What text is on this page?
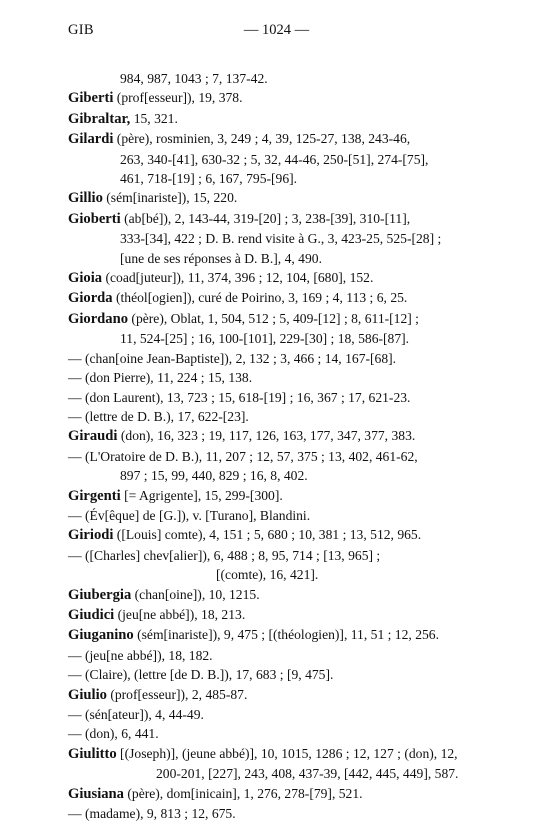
GIB	— 1024 —
984, 987, 1043 ; 7, 137-42.
Giberti (prof[esseur]), 19, 378.
Gibraltar, 15, 321.
Gilardi (père), rosminien, 3, 249 ; 4, 39, 125-27, 138, 243-46,
263, 340-[41], 630-32 ; 5, 32, 44-46, 250-[51], 274-[75],
461, 718-[19] ; 6, 167, 795-[96].
Gillio (sém[inariste]), 15, 220.
Gioberti (ab[bé]), 2, 143-44, 319-[20] ; 3, 238-[39], 310-[11],
333-[34], 422 ; D. B. rend visite à G., 3, 423-25, 525-[28] ;
[une de ses réponses à D. B.], 4, 490.
Gioia (coad[juteur]), 11, 374, 396 ; 12, 104, [680], 152.
Giorda (théol[ogien]), curé de Poirino, 3, 169 ; 4, 113 ; 6, 25.
Giordano (père), Oblat, 1, 504, 512 ; 5, 409-[12] ; 8, 611-[12] ;
11, 524-[25] ; 16, 100-[101], 229-[30] ; 18, 586-[87].
— (chan[oine Jean-Baptiste]), 2, 132 ; 3, 466 ; 14, 167-[68].
— (don Pierre), 11, 224 ; 15, 138.
— (don Laurent), 13, 723 ; 15, 618-[19] ; 16, 367 ; 17, 621-23.
— (lettre de D. B.), 17, 622-[23].
Giraudi (don), 16, 323 ; 19, 117, 126, 163, 177, 347, 377, 383.
— (L'Oratoire de D. B.), 11, 207 ; 12, 57, 375 ; 13, 402, 461-62,
897 ; 15, 99, 440, 829 ; 16, 8, 402.
Girgenti [= Agrigente], 15, 299-[300].
— (Év[êque] de [G.]), v. [Turano], Blandini.
Giriodi ([Louis] comte), 4, 151 ; 5, 680 ; 10, 381 ; 13, 512, 965.
— ([Charles] chev[alier]), 6, 488 ; 8, 95, 714 ; [13, 965] ;
[(comte), 16, 421].
Giubergia (chan[oine]), 10, 1215.
Giudici (jeu[ne abbé]), 18, 213.
Giuganino (sém[inariste]), 9, 475 ; [(théologien)], 11, 51 ; 12, 256.
— (jeu[ne abbé]), 18, 182.
— (Claire), (lettre [de D. B.]), 17, 683 ; [9, 475].
Giulio (prof[esseur]), 2, 485-87.
— (sén[ateur]), 4, 44-49.
— (don), 6, 441.
Giulitto [(Joseph)], (jeune abbé)], 10, 1015, 1286 ; 12, 127 ; (don), 12,
200-201, [227], 243, 408, 437-39, [442, 445, 449], 587.
Giusiana (père), dom[inicain], 1, 276, 278-[79], 521.
— (madame), 9, 813 ; 12, 675.
